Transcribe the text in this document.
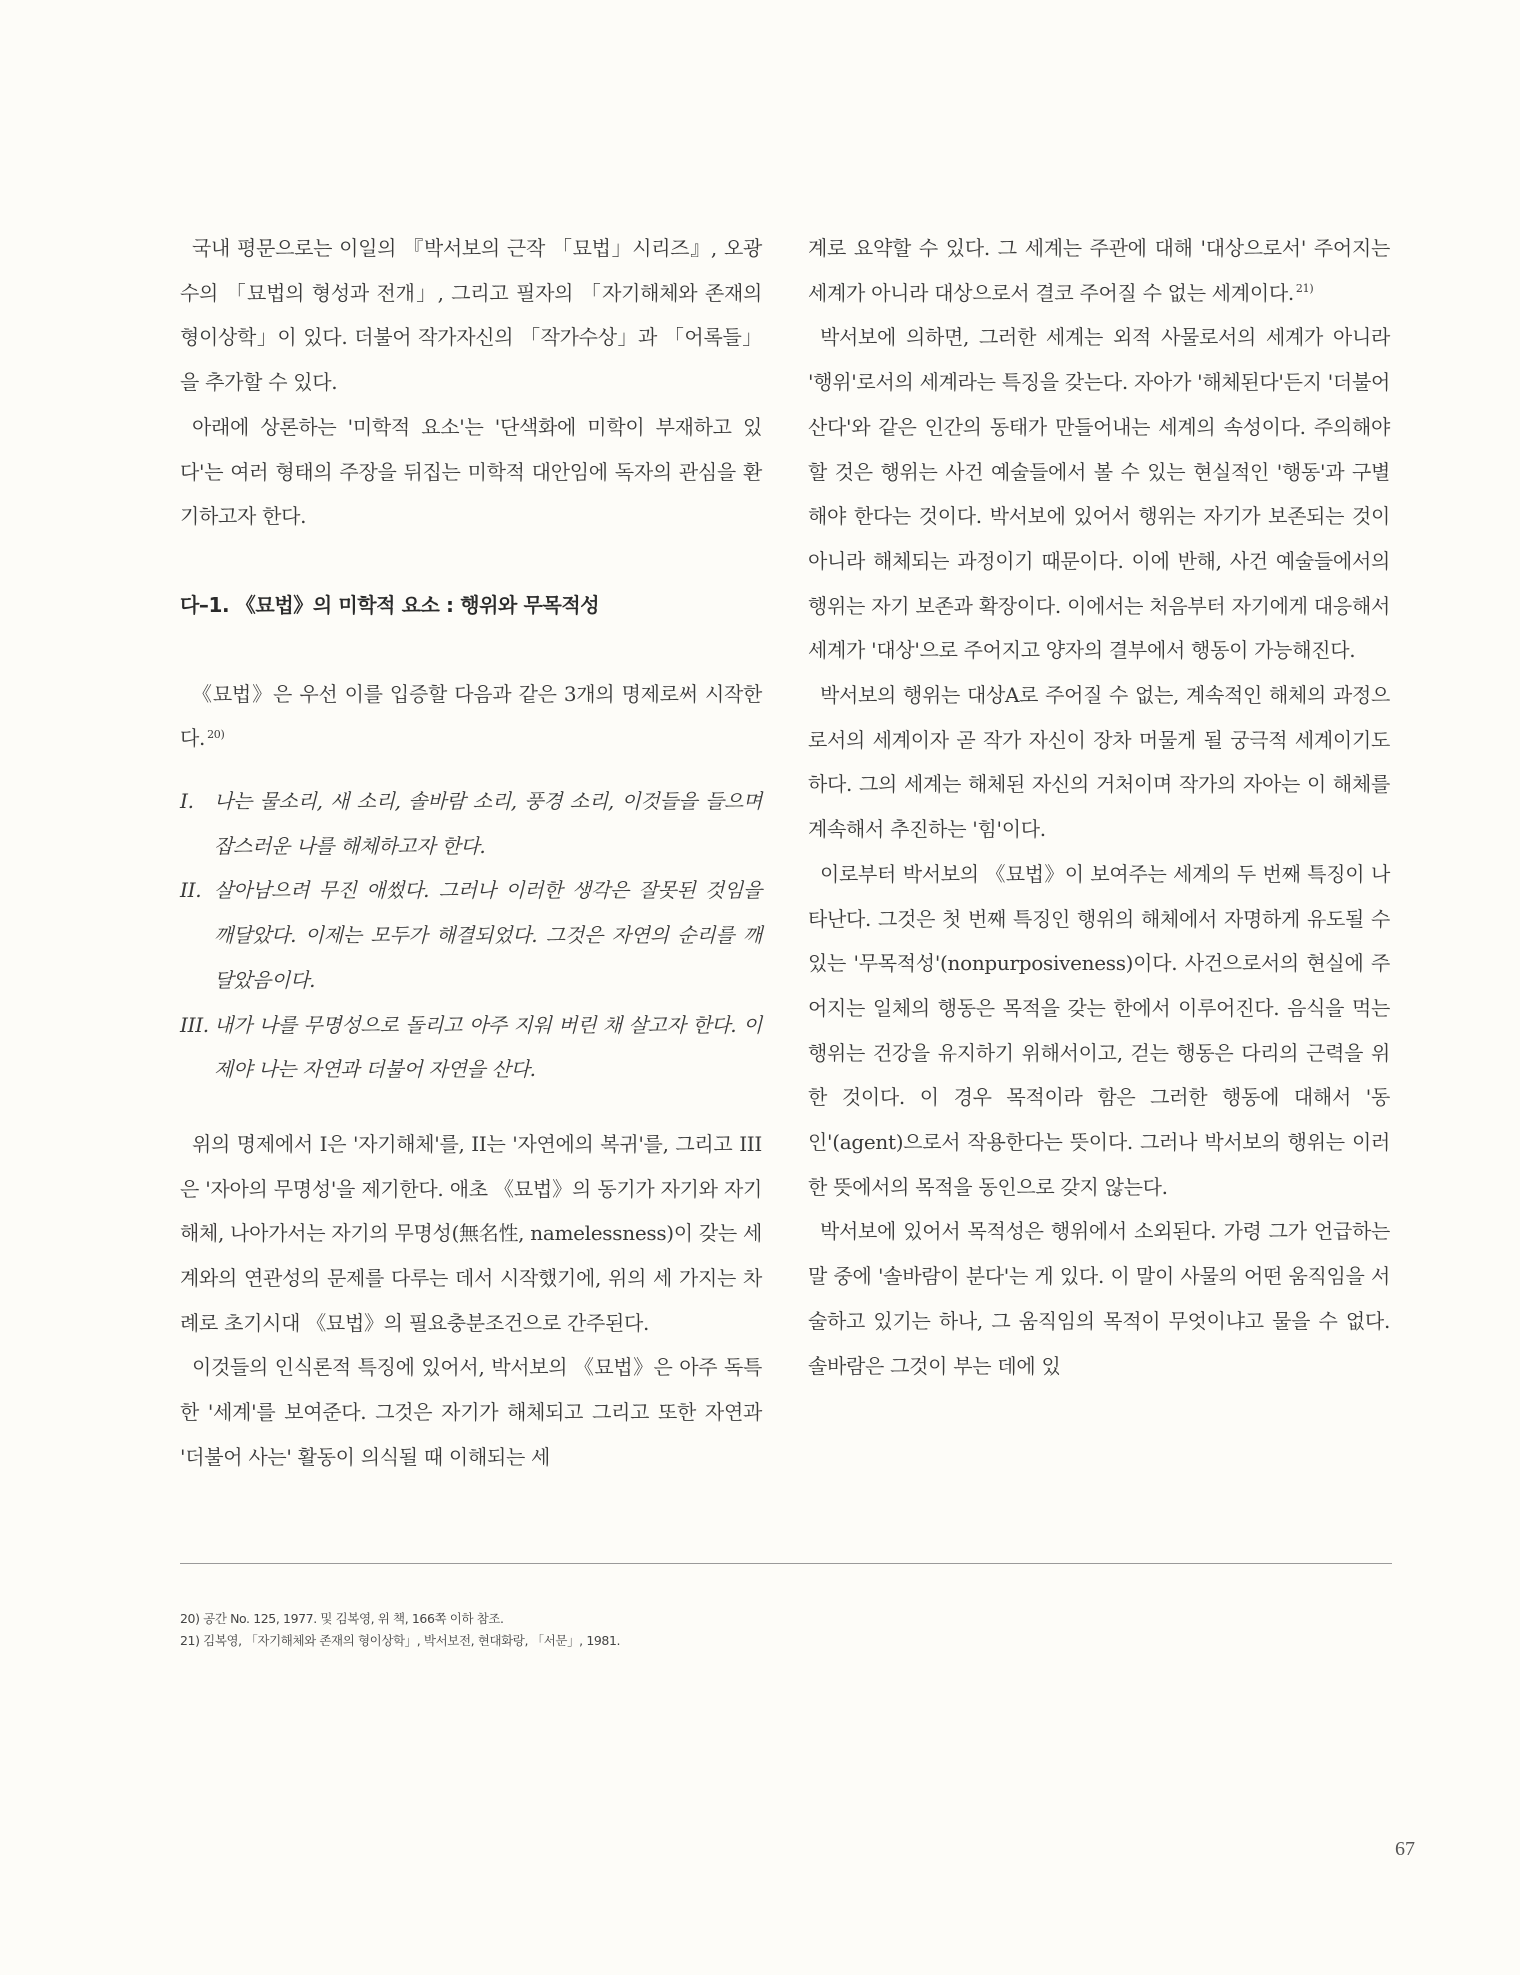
국내 평문으로는 이일의 『박서보의 근작 「묘법」시리즈』, 오광수의 「묘법의 형성과 전개」, 그리고 필자의 「자기해체와 존재의 형이상학」이 있다. 더불어 작가자신의 「작가수상」과 「어록들」을 추가할 수 있다.

아래에 상론하는 '미학적 요소'는 '단색화에 미학이 부재하고 있다'는 여러 형태의 주장을 뒤집는 미학적 대안임에 독자의 관심을 환기하고자 한다.

다–1. 《묘법》의 미학적 요소 : 행위와 무목적성

《묘법》은 우선 이를 입증할 다음과 같은 3개의 명제로써 시작한다. $^{20)}$

I.	나는 물소리, 새 소리, 솔바람 소리, 풍경 소리, 이것들을 들으며 잡스러운 나를 해체하고자 한다.
II. 살아남으려 무진 애썼다. 그러나 이러한 생각은 잘못된 것임을 깨달았다. 이제는 모두가 해결되었다. 그것은 자연의 순리를 깨달았음이다.
III. 내가 나를 무명성으로 돌리고 아주 지워 버린 채 살고자 한다. 이제야 나는 자연과 더불어 자연을 산다.

위의 명제에서 I은 '자기해체'를, II는 '자연에의 복귀'를, 그리고 III은 '자아의 무명성'을 제기한다. 애초 《묘법》의 동기가 자기와 자기 해체, 나아가서는 자기의 무명성(無名性, namelessness)이 갖는 세계와의 연관성의 문제를 다루는 데서 시작했기에, 위의 세 가지는 차례로 초기시대 《묘법》의 필요충분조건으로 간주된다.

이것들의 인식론적 특징에 있어서, 박서보의 《묘법》은 아주 독특한 '세계'를 보여준다. 그것은 자기가 해체되고 그리고 또한 자연과 '더불어 사는' 활동이 의식될 때 이해되는 세

계로 요약할 수 있다. 그 세계는 주관에 대해 '대상으로서' 주어지는 세계가 아니라 대상으로서 결코 주어질 수 없는 세계이다. $^{21)}$

박서보에 의하면, 그러한 세계는 외적 사물로서의 세계가 아니라 '행위'로서의 세계라는 특징을 갖는다. 자아가 '해체된다'든지 '더불어 산다'와 같은 인간의 동태가 만들어내는 세계의 속성이다. 주의해야 할 것은 행위는 사건 예술들에서 볼 수 있는 현실적인 '행동'과 구별해야 한다는 것이다. 박서보에 있어서 행위는 자기가 보존되는 것이 아니라 해체되는 과정이기 때문이다. 이에 반해, 사건 예술들에서의 행위는 자기 보존과 확장이다. 이에서는 처음부터 자기에게 대응해서 세계가 '대상'으로 주어지고 양자의 결부에서 행동이 가능해진다.

박서보의 행위는 대상A로 주어질 수 없는, 계속적인 해체의 과정으로서의 세계이자 곧 작가 자신이 장차 머물게 될 궁극적 세계이기도하다. 그의 세계는 해체된 자신의 거처이며 작가의 자아는 이 해체를 계속해서 추진하는 '힘'이다.

이로부터 박서보의 《묘법》이 보여주는 세계의 두 번째 특징이 나타난다. 그것은 첫 번째 특징인 행위의 해체에서 자명하게 유도될 수 있는 '무목적성'(nonpurposiveness)이다. 사건으로서의 현실에 주어지는 일체의 행동은 목적을 갖는 한에서 이루어진다. 음식을 먹는 행위는 건강을 유지하기 위해서이고, 걷는 행동은 다리의 근력을 위한 것이다. 이 경우 목적이라 함은 그러한 행동에 대해서 '동인'(agent)으로서 작용한다는 뜻이다. 그러나 박서보의 행위는 이러한 뜻에서의 목적을 동인으로 갖지 않는다.

박서보에 있어서 목적성은 행위에서 소외된다. 가령 그가 언급하는 말 중에 '솔바람이 분다'는 게 있다. 이 말이 사물의 어떤 움직임을 서술하고 있기는 하나, 그 움직임의 목적이 무엇이냐고 물을 수 없다. 솔바람은 그것이 부는 데에 있

20) 공간 No. 125, 1977. 및 김복영, 위 책, 166쪽 이하 참조.

21) 김복영, 「자기해체와 존재의 형이상학」, 박서보전, 현대화랑, 「서문」, 1981.

67
